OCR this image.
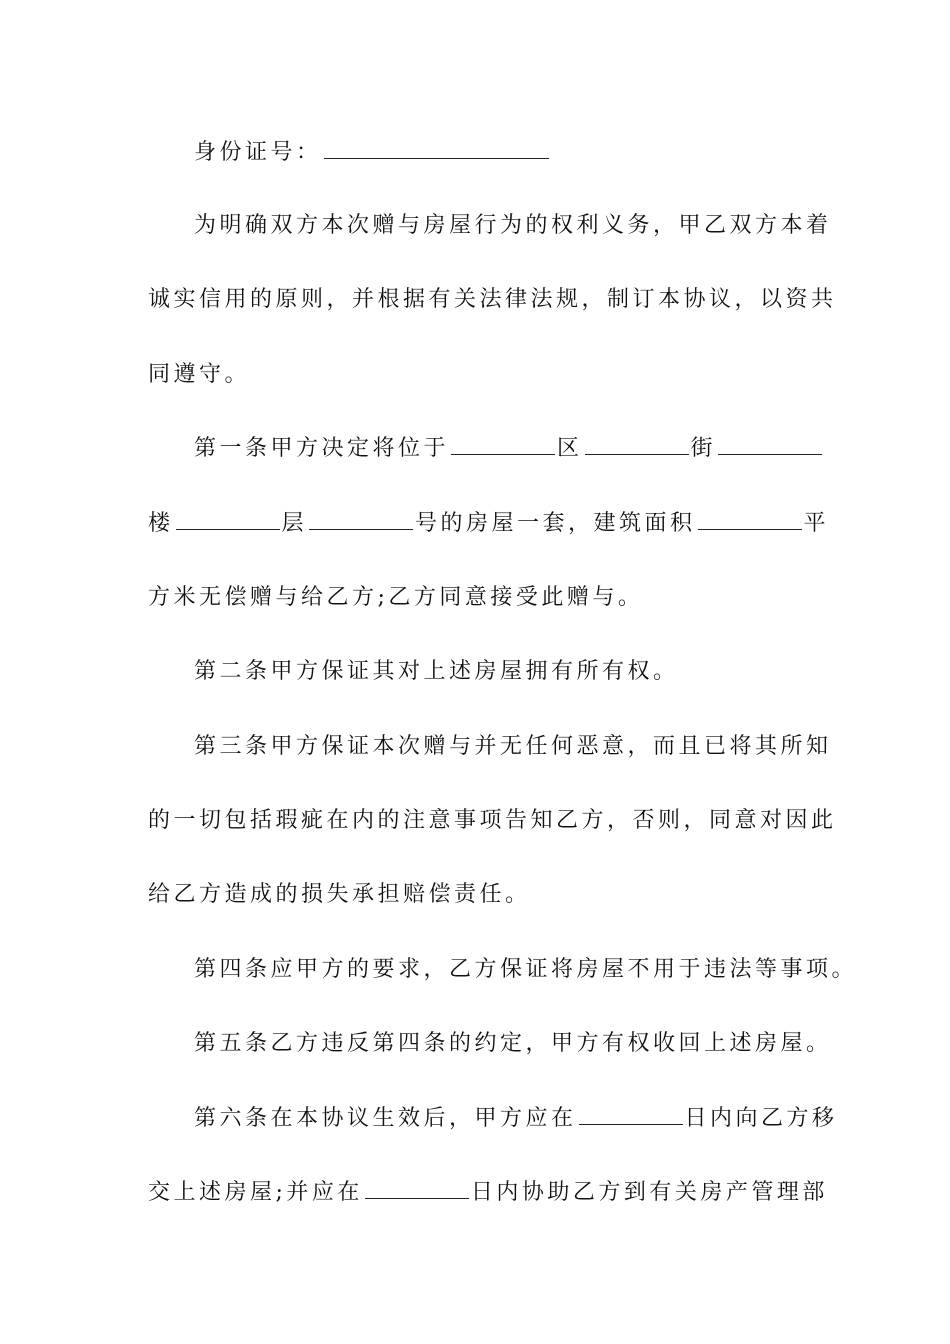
身份证号：
为明确双方本次赠与房屋行为的权利义务，甲乙双方本着
诚实信用的原则，并根据有关法律法规，制订本协议，以资共
同遵守。
第一条甲方决定将位于	区	街
楼	层	号的房屋一套，建筑面积	平
方米无偿赠与给乙方;乙方同意接受此赠与。
第二条甲方保证其对上述房屋拥有所有权。
第三条甲方保证本次赠与并无任何恶意，而且已将其所知
的一切包括瑕疵在内的注意事项告知乙方，否则，同意对因此
给乙方造成的损失承担赔偿责任。
第四条应甲方的要求，乙方保证将房屋不用于违法等事项。
第五条乙方违反第四条的约定，甲方有权收回上述房屋。
第六条在本协议生效后，甲方应在	日内向乙方移
交上述房屋;并应在	日内协助乙方到有关房产管理部
